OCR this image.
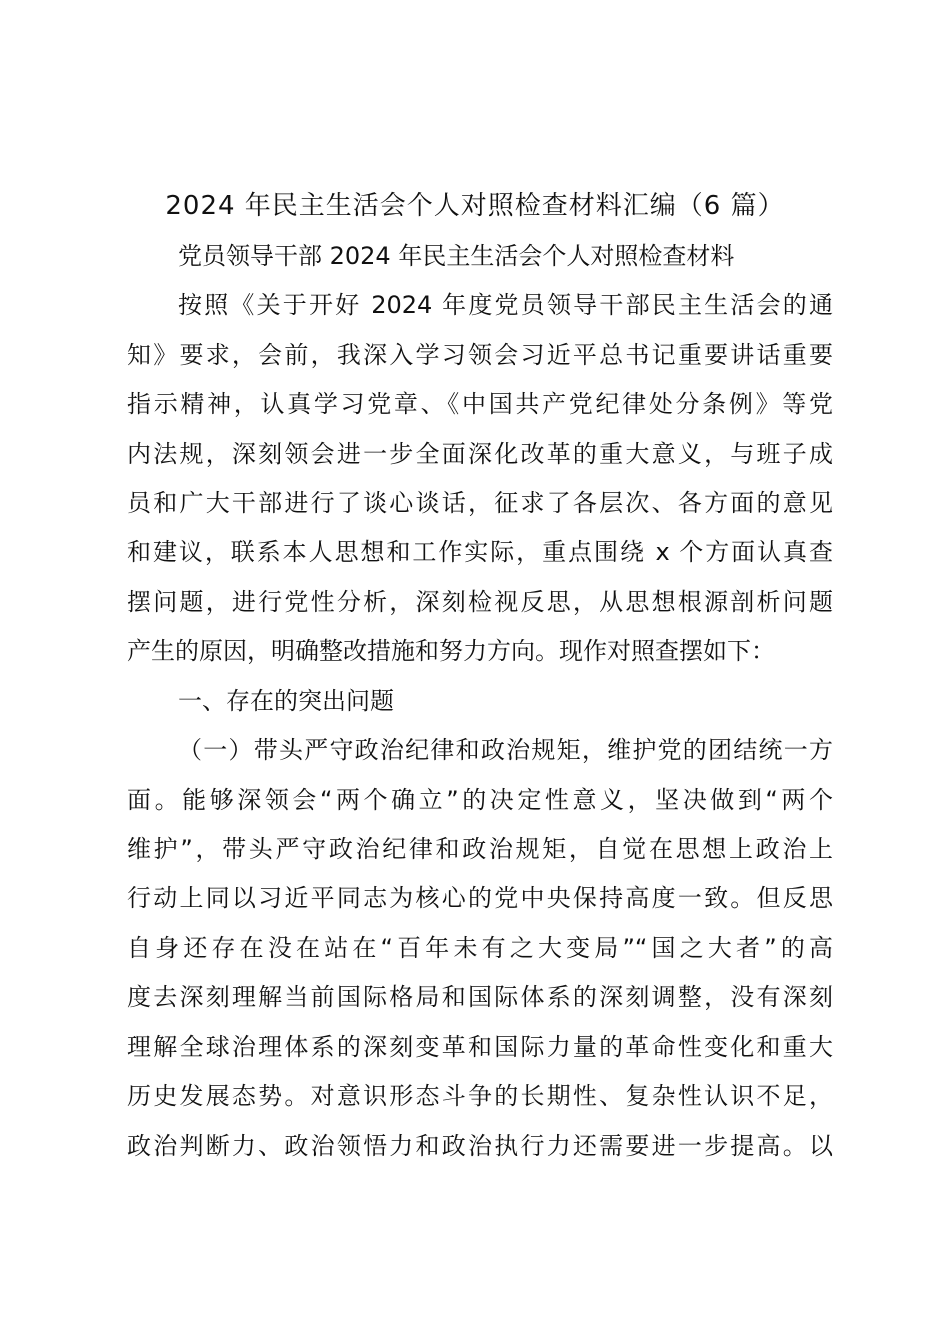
2024 年民主生活会个人对照检查材料汇编（6 篇）
党员领导干部 2024 年民主生活会个人对照检查材料
按照《关于开好 2024 年度党员领导干部民主生活会的通
知》要求，会前，我深入学习领会习近平总书记重要讲话重要
指示精神，认真学习党章、《中国共产党纪律处分条例》等党
内法规，深刻领会进一步全面深化改革的重大意义，与班子成
员和广大干部进行了谈心谈话，征求了各层次、各方面的意见
和建议，联系本人思想和工作实际，重点围绕 x 个方面认真查
摆问题，进行党性分析，深刻检视反思，从思想根源剖析问题
产生的原因，明确整改措施和努力方向。现作对照查摆如下：
一、存在的突出问题
（一）带头严守政治纪律和政治规矩，维护党的团结统一方
面。能够深领会“两个确立”的决定性意义，坚决做到“两个
维护”，带头严守政治纪律和政治规矩，自觉在思想上政治上
行动上同以习近平同志为核心的党中央保持高度一致。但反思
自身还存在没在站在“百年未有之大变局”“国之大者”的高
度去深刻理解当前国际格局和国际体系的深刻调整，没有深刻
理解全球治理体系的深刻变革和国际力量的革命性变化和重大
历史发展态势。对意识形态斗争的长期性、复杂性认识不足，
政治判断力、政治领悟力和政治执行力还需要进一步提高。以
